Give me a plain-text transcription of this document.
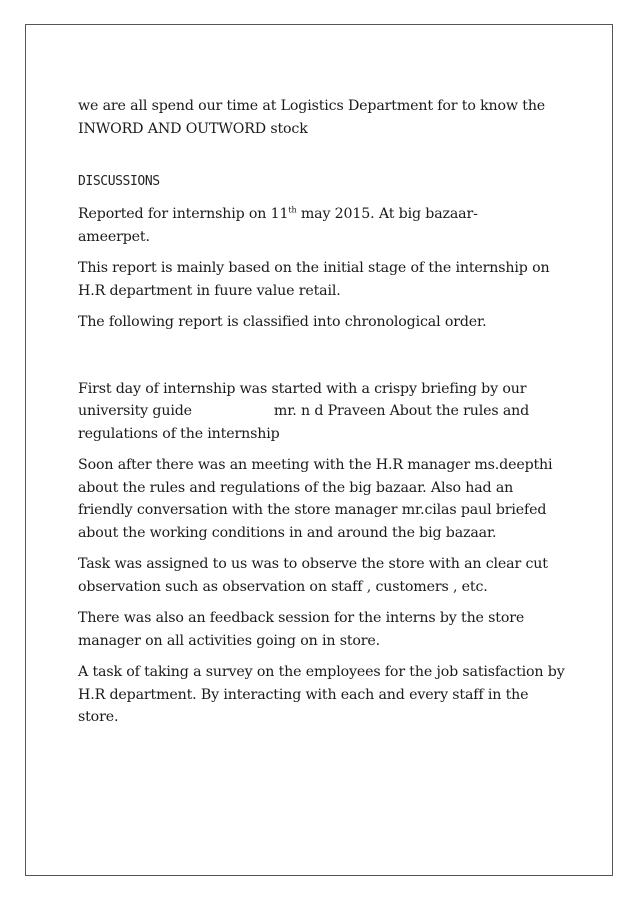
we are all spend our time at Logistics Department for to know the
INWORD AND OUTWORD stock

DISCUSSIONS

Reported for internship on 11th may 2015. At big bazaar-
ameerpet.

This report is mainly based on the initial stage of the internship on H.R department in fuure value retail.

The following report is classified into chronological order.

First day of internship was started with a crispy briefing by our university guide	mr. n d Praveen About the rules and regulations of the internship

Soon after there was an meeting with the H.R manager ms.deepthi about the rules and regulations of the big bazaar. Also had an friendly conversation with the store manager mr.cilas paul briefed about the working conditions in and around the big bazaar.

Task was assigned to us was to observe the store with an clear cut observation such as observation on staff , customers , etc.

There was also an feedback session for the interns by the store manager on all activities going on in store.

A task of taking a survey on the employees for the job satisfaction by H.R department. By interacting with each and every staff in the store.
